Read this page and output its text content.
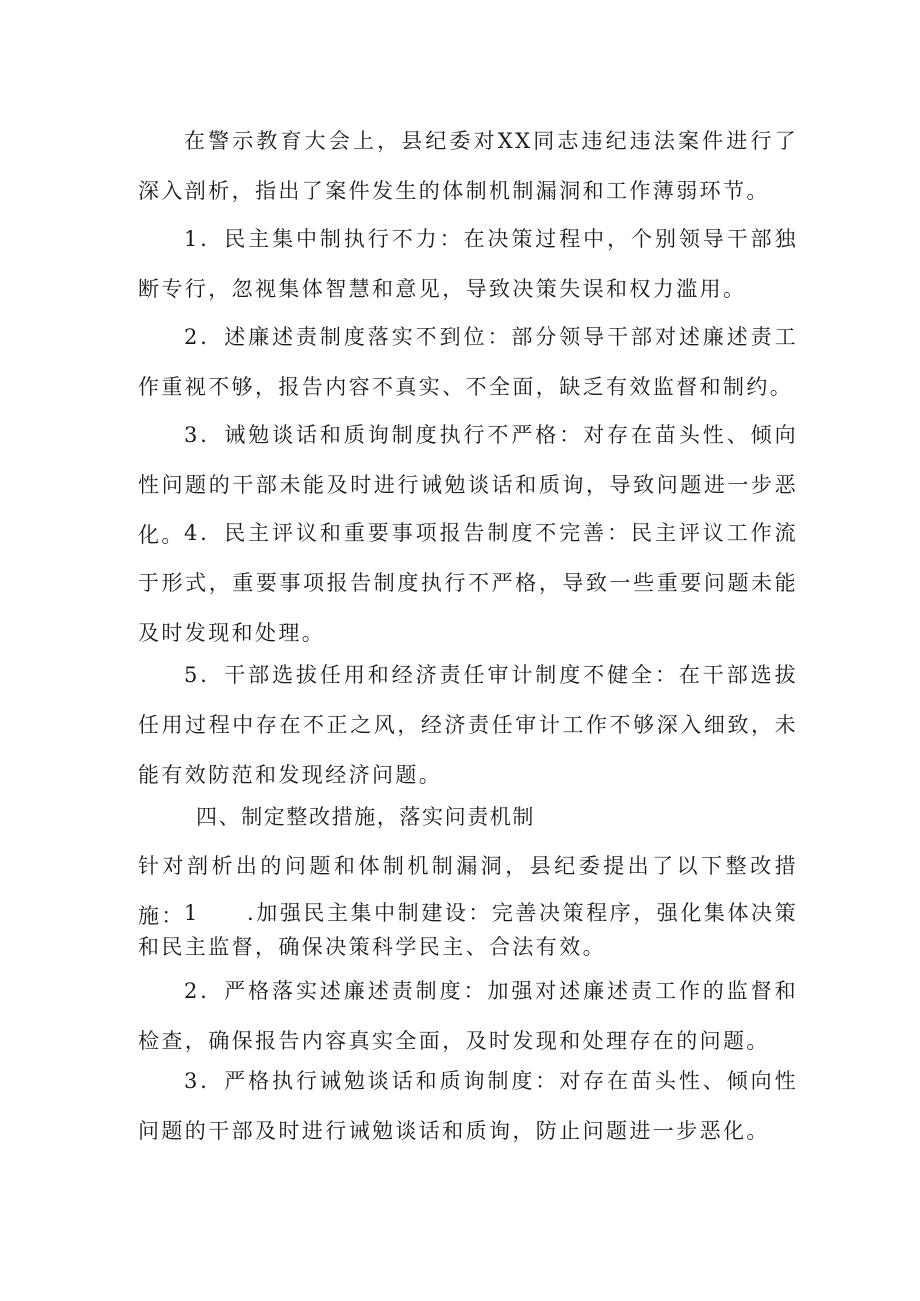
在警示教育大会上，县纪委对XX同志违纪违法案件进行了深入剖析，指出了案件发生的体制机制漏洞和工作薄弱环节。

1．民主集中制执行不力：在决策过程中，个别领导干部独断专行，忽视集体智慧和意见，导致决策失误和权力滥用。

2．述廉述责制度落实不到位：部分领导干部对述廉述责工作重视不够，报告内容不真实、不全面，缺乏有效监督和制约。

3．诫勉谈话和质询制度执行不严格：对存在苗头性、倾向性问题的干部未能及时进行诫勉谈话和质询，导致问题进一步恶化。 4．民主评议和重要事项报告制度不完善：民主评议工作流于形式，重要事项报告制度执行不严格，导致一些重要问题未能及时发现和处理。

5．干部选拔任用和经济责任审计制度不健全：在干部选拔任用过程中存在不正之风，经济责任审计工作不够深入细致，未能有效防范和发现经济问题。

四、制定整改措施，落实问责机制

针对剖析出的问题和体制机制漏洞，县纪委提出了以下整改措施： 1　　.加强民主集中制建设：完善决策程序，强化集体决策和民主监督，确保决策科学民主、合法有效。

2．严格落实述廉述责制度：加强对述廉述责工作的监督和检查，确保报告内容真实全面，及时发现和处理存在的问题。

3．严格执行诫勉谈话和质询制度：对存在苗头性、倾向性问题的干部及时进行诫勉谈话和质询，防止问题进一步恶化。
